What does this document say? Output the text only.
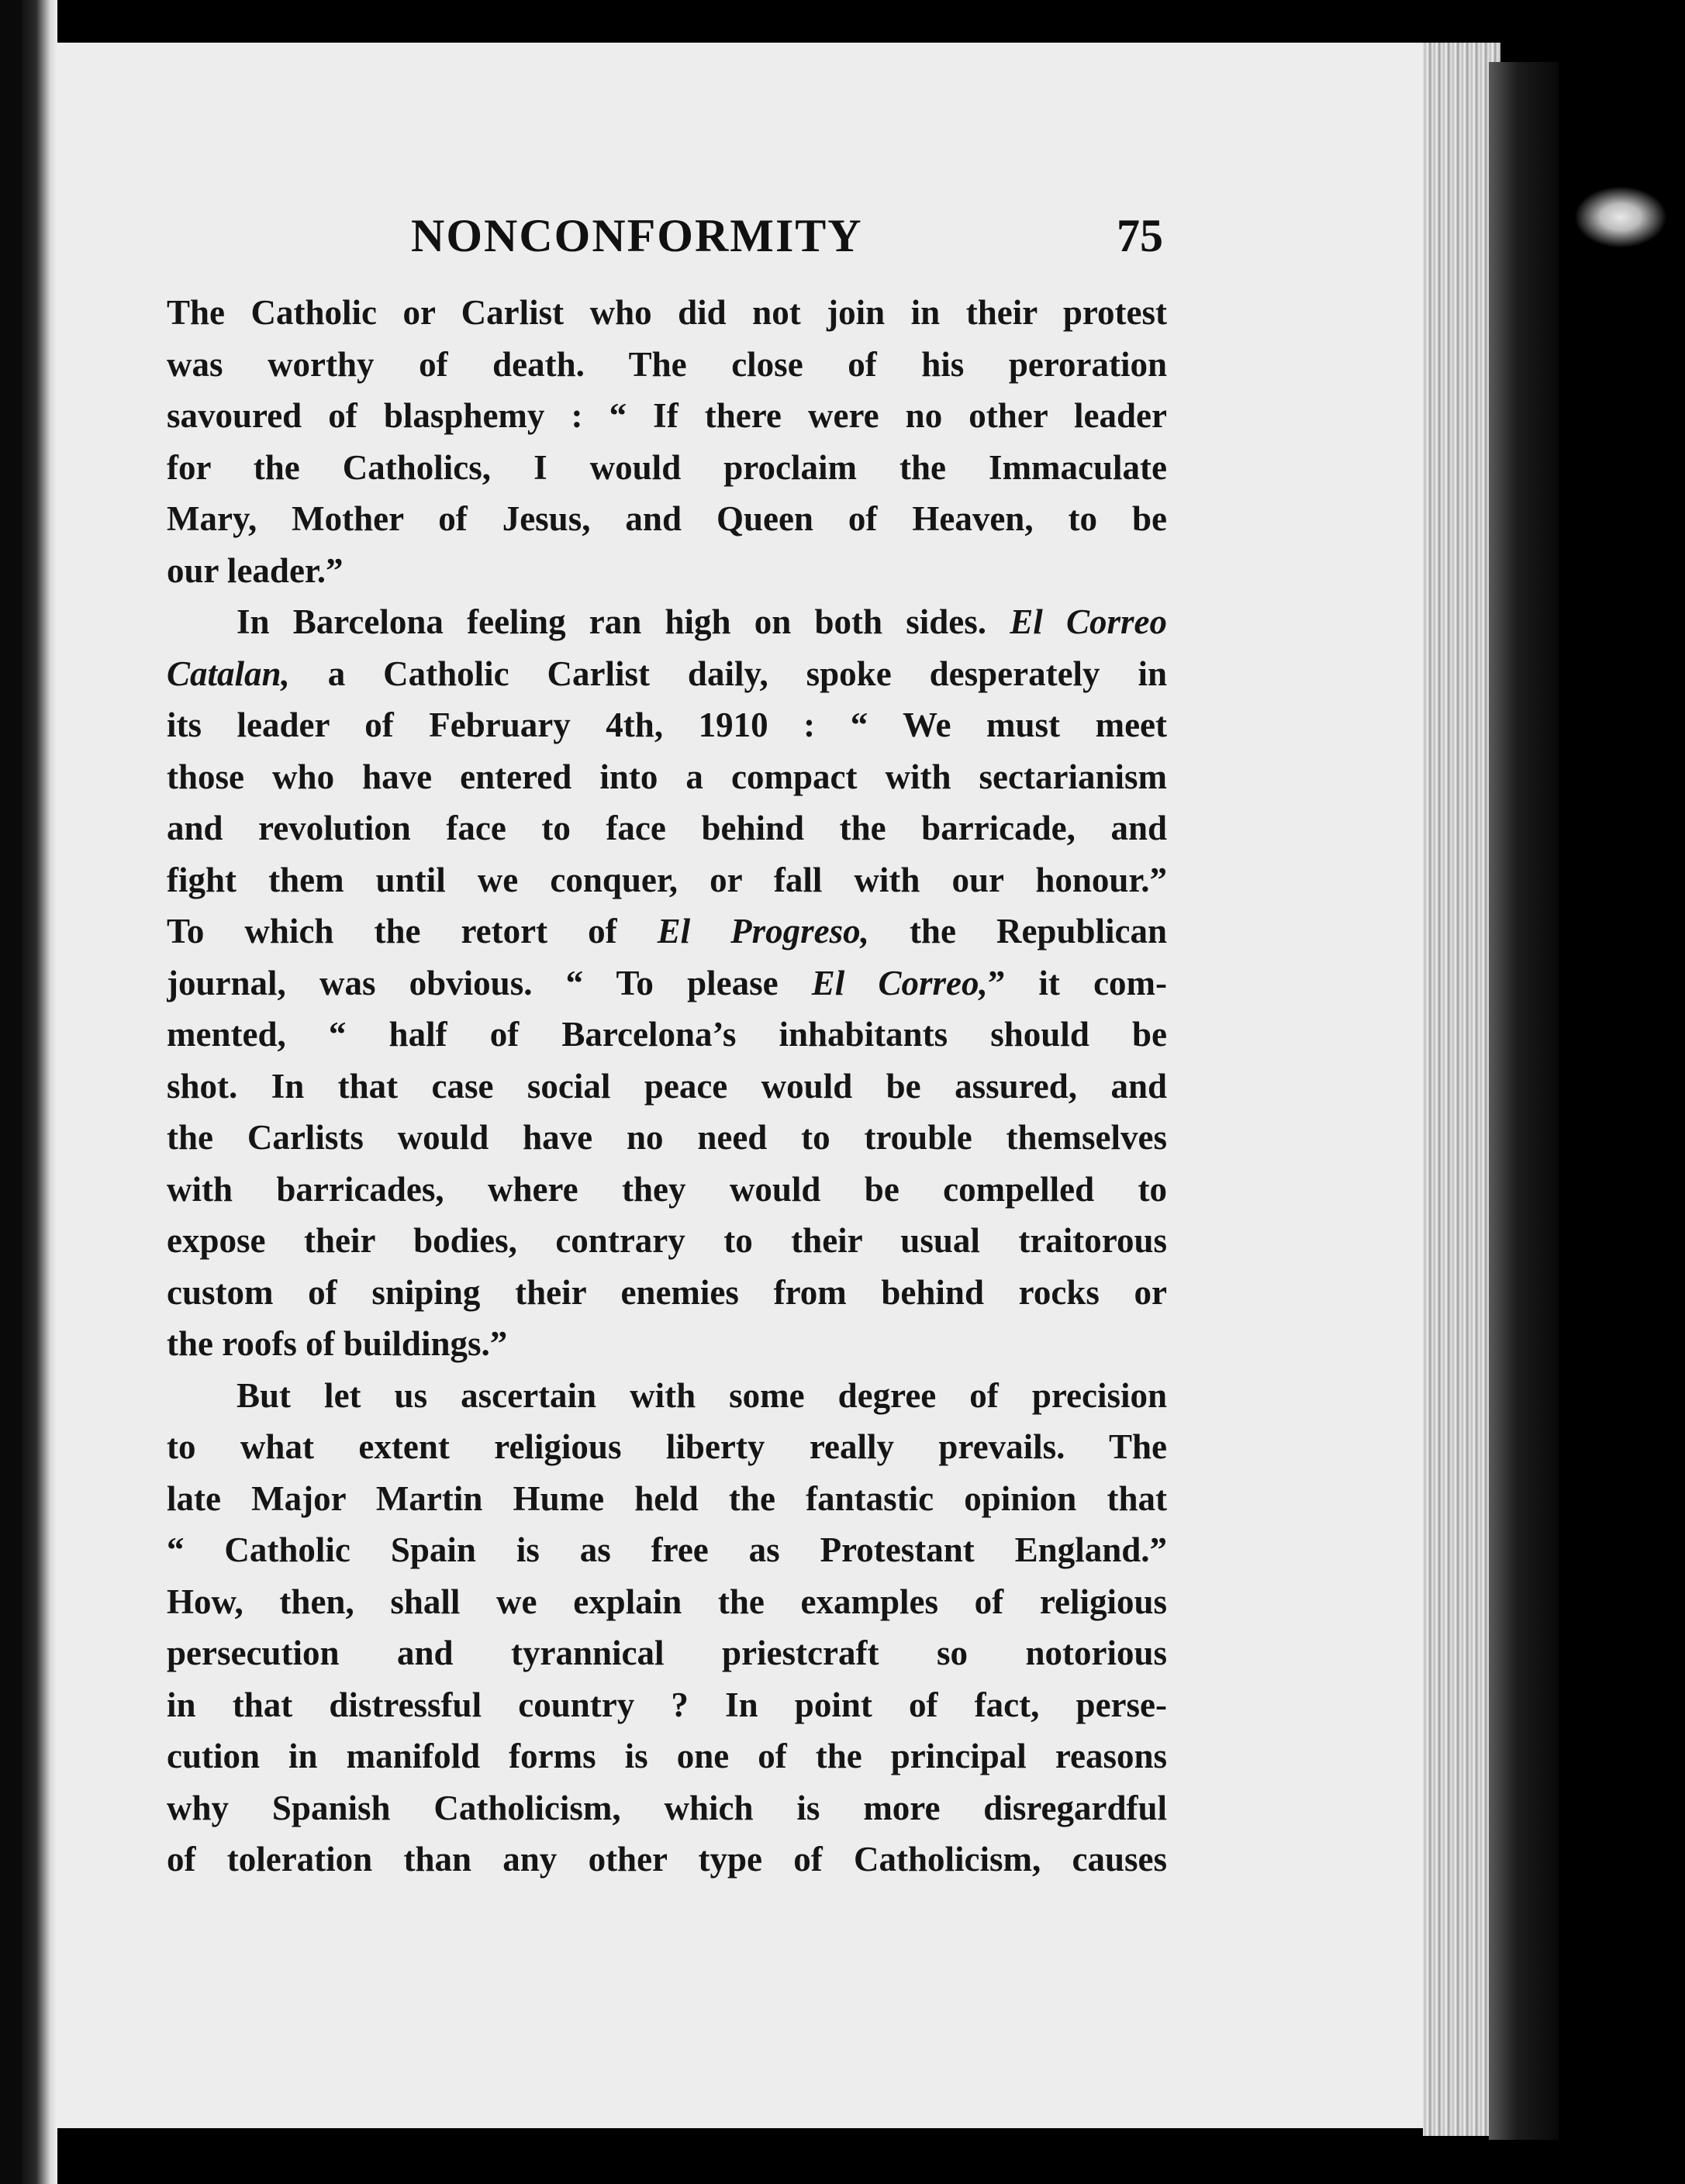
NONCONFORMITY	75
The Catholic or Carlist who did not join in their protest
was worthy of death. The close of his peroration
savoured of blasphemy : “ If there were no other leader
for the Catholics, I would proclaim the Immaculate
Mary, Mother of Jesus, and Queen of Heaven, to be
our leader.”
In Barcelona feeling ran high on both sides. El Correo
Catalan, a Catholic Carlist daily, spoke desperately in
its leader of February 4th, 1910 : “ We must meet
those who have entered into a compact with sectarianism
and revolution face to face behind the barricade, and
fight them until we conquer, or fall with our honour.”
To which the retort of El Progreso, the Republican
journal, was obvious. “ To please El Correo,” it com-
mented, “ half of Barcelona’s inhabitants should be
shot. In that case social peace would be assured, and
the Carlists would have no need to trouble themselves
with barricades, where they would be compelled to
expose their bodies, contrary to their usual traitorous
custom of sniping their enemies from behind rocks or
the roofs of buildings.”
But let us ascertain with some degree of precision
to what extent religious liberty really prevails. The
late Major Martin Hume held the fantastic opinion that
“ Catholic Spain is as free as Protestant England.”
How, then, shall we explain the examples of religious
persecution and tyrannical priestcraft so notorious
in that distressful country ? In point of fact, perse-
cution in manifold forms is one of the principal reasons
why Spanish Catholicism, which is more disregardful
of toleration than any other type of Catholicism, causes
